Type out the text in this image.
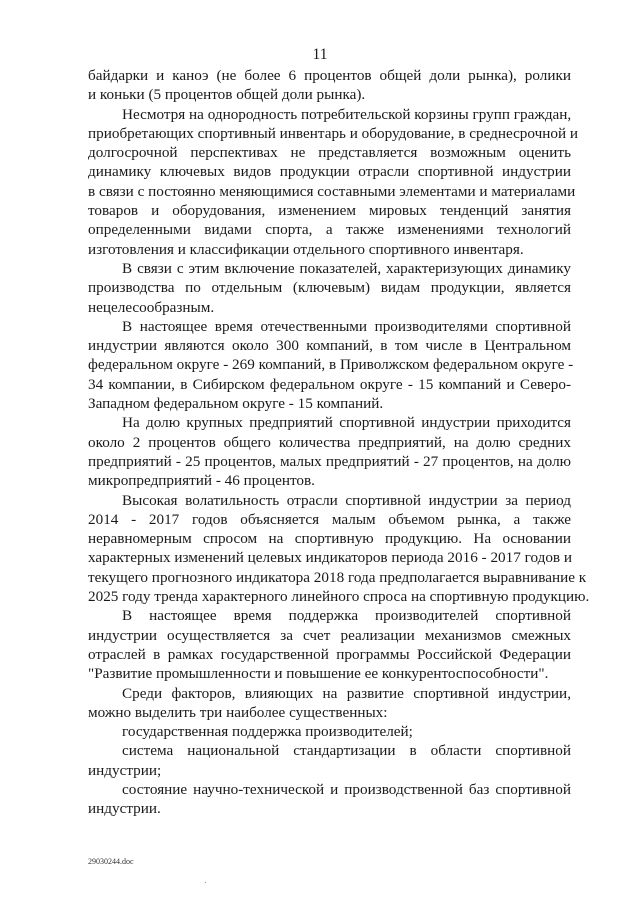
11
байдарки и каноэ (не более 6 процентов общей доли рынка), ролики
и коньки (5 процентов общей доли рынка).
Несмотря на однородность потребительской корзины групп граждан,
приобретающих спортивный инвентарь и оборудование, в среднесрочной и
долгосрочной перспективах не представляется возможным оценить
динамику ключевых видов продукции отрасли спортивной индустрии
в связи с постоянно меняющимися составными элементами и материалами
товаров и оборудования, изменением мировых тенденций занятия
определенными видами спорта, а также изменениями технологий
изготовления и классификации отдельного спортивного инвентаря.
В связи с этим включение показателей, характеризующих динамику
производства по отдельным (ключевым) видам продукции, является
нецелесообразным.
В настоящее время отечественными производителями спортивной
индустрии являются около 300 компаний, в том числе в Центральном
федеральном округе - 269 компаний, в Приволжском федеральном округе -
34 компании, в Сибирском федеральном округе - 15 компаний и Северо-
Западном федеральном округе - 15 компаний.
На долю крупных предприятий спортивной индустрии приходится
около 2 процентов общего количества предприятий, на долю средних
предприятий - 25 процентов, малых предприятий - 27 процентов, на долю
микропредприятий - 46 процентов.
Высокая волатильность отрасли спортивной индустрии за период
2014 - 2017 годов объясняется малым объемом рынка, а также
неравномерным спросом на спортивную продукцию. На основании
характерных изменений целевых индикаторов периода 2016 - 2017 годов и
текущего прогнозного индикатора 2018 года предполагается выравнивание к
2025 году тренда характерного линейного спроса на спортивную продукцию.
В настоящее время поддержка производителей спортивной
индустрии осуществляется за счет реализации механизмов смежных
отраслей в рамках государственной программы Российской Федерации
"Развитие промышленности и повышение ее конкурентоспособности".
Среди факторов, влияющих на развитие спортивной индустрии,
можно выделить три наиболее существенных:
государственная поддержка производителей;
система национальной стандартизации в области спортивной
индустрии;
состояние научно-технической и производственной баз спортивной
индустрии.
29030244.doc
